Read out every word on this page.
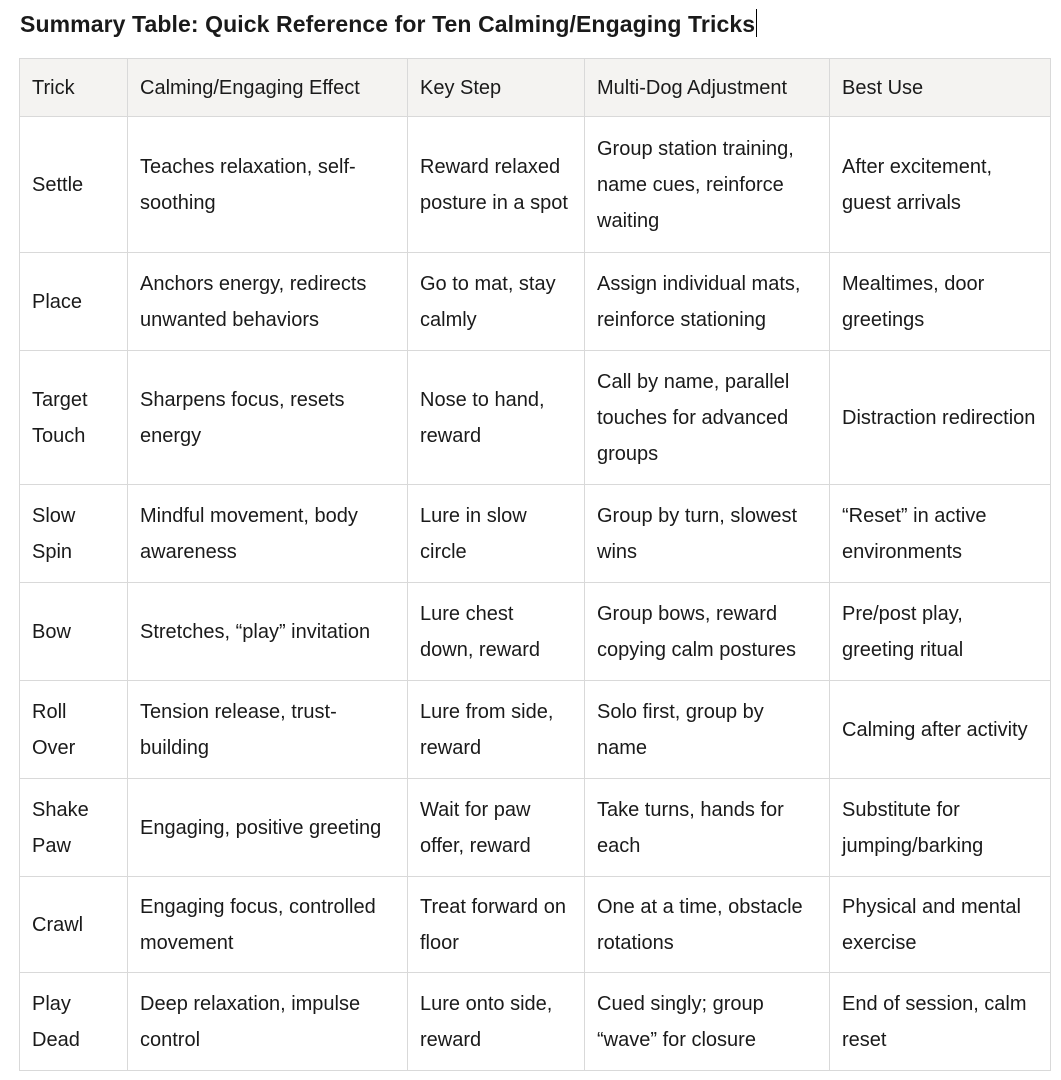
Summary Table: Quick Reference for Ten Calming/Engaging Tricks
Trick	Calming/Engaging Effect	Key Step	Multi-Dog Adjustment	Best Use
Settle	Teaches relaxation, self-soothing	Reward relaxed posture in a spot	Group station training, name cues, reinforce waiting	After excitement, guest arrivals
Place	Anchors energy, redirects unwanted behaviors	Go to mat, stay calmly	Assign individual mats, reinforce stationing	Mealtimes, door greetings
Target Touch	Sharpens focus, resets energy	Nose to hand, reward	Call by name, parallel touches for advanced groups	Distraction redirection
Slow Spin	Mindful movement, body awareness	Lure in slow circle	Group by turn, slowest wins	“Reset” in active environments
Bow	Stretches, “play” invitation	Lure chest down, reward	Group bows, reward copying calm postures	Pre/post play, greeting ritual
Roll Over	Tension release, trust-building	Lure from side, reward	Solo first, group by name	Calming after activity
Shake Paw	Engaging, positive greeting	Wait for paw offer, reward	Take turns, hands for each	Substitute for jumping/barking
Crawl	Engaging focus, controlled movement	Treat forward on floor	One at a time, obstacle rotations	Physical and mental exercise
Play Dead	Deep relaxation, impulse control	Lure onto side, reward	Cued singly; group “wave” for closure	End of session, calm reset
